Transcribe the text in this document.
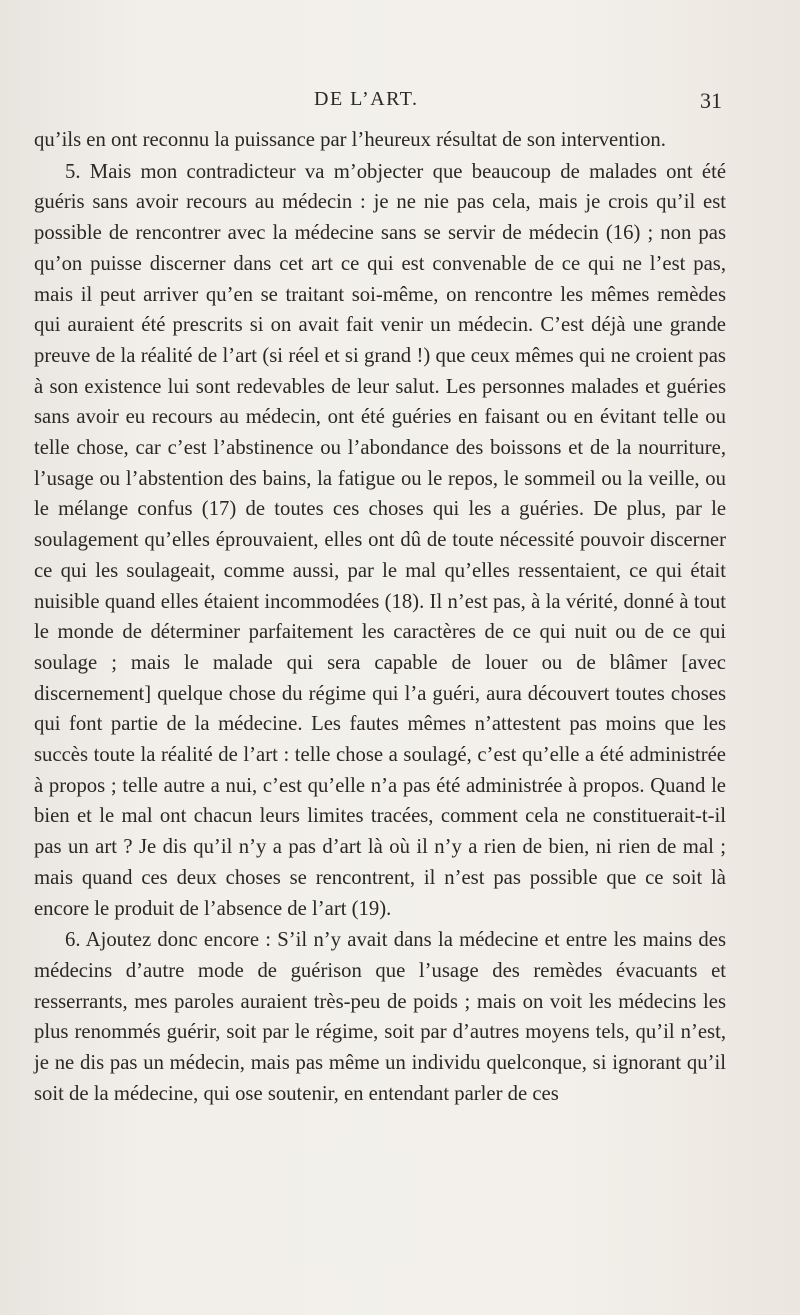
DE L’ART.	31

qu’ils en ont reconnu la puissance par l’heureux résultat de son intervention.

5. Mais mon contradicteur va m’objecter que beaucoup de malades ont été guéris sans avoir recours au médecin : je ne nie pas cela, mais je crois qu’il est possible de rencontrer avec la médecine sans se servir de médecin (16) ; non pas qu’on puisse discerner dans cet art ce qui est convenable de ce qui ne l’est pas, mais il peut arriver qu’en se traitant soi-même, on rencontre les mêmes remèdes qui auraient été prescrits si on avait fait venir un médecin. C’est déjà une grande preuve de la réalité de l’art (si réel et si grand !) que ceux mêmes qui ne croient pas à son existence lui sont redevables de leur salut. Les personnes malades et guéries sans avoir eu recours au médecin, ont été guéries en faisant ou en évitant telle ou telle chose, car c’est l’abstinence ou l’abondance des boissons et de la nourriture, l’usage ou l’abstention des bains, la fatigue ou le repos, le sommeil ou la veille, ou le mélange confus (17) de toutes ces choses qui les a guéries. De plus, par le soulagement qu’elles éprouvaient, elles ont dû de toute nécessité pouvoir discerner ce qui les soulageait, comme aussi, par le mal qu’elles ressentaient, ce qui était nuisible quand elles étaient incommodées (18). Il n’est pas, à la vérité, donné à tout le monde de déterminer parfaitement les caractères de ce qui nuit ou de ce qui soulage ; mais le malade qui sera capable de louer ou de blâmer [avec discernement] quelque chose du régime qui l’a guéri, aura découvert toutes choses qui font partie de la médecine. Les fautes mêmes n’attestent pas moins que les succès toute la réalité de l’art : telle chose a soulagé, c’est qu’elle a été administrée à propos ; telle autre a nui, c’est qu’elle n’a pas été administrée à propos. Quand le bien et le mal ont chacun leurs limites tracées, comment cela ne constituerait-t-il pas un art ? Je dis qu’il n’y a pas d’art là où il n’y a rien de bien, ni rien de mal ; mais quand ces deux choses se rencontrent, il n’est pas possible que ce soit là encore le produit de l’absence de l’art (19).

6. Ajoutez donc encore : S’il n’y avait dans la médecine et entre les mains des médecins d’autre mode de guérison que l’usage des remèdes évacuants et resserrants, mes paroles auraient très-peu de poids ; mais on voit les médecins les plus renommés guérir, soit par le régime, soit par d’autres moyens tels, qu’il n’est, je ne dis pas un médecin, mais pas même un individu quelconque, si ignorant qu’il soit de la médecine, qui ose soutenir, en entendant parler de ces
